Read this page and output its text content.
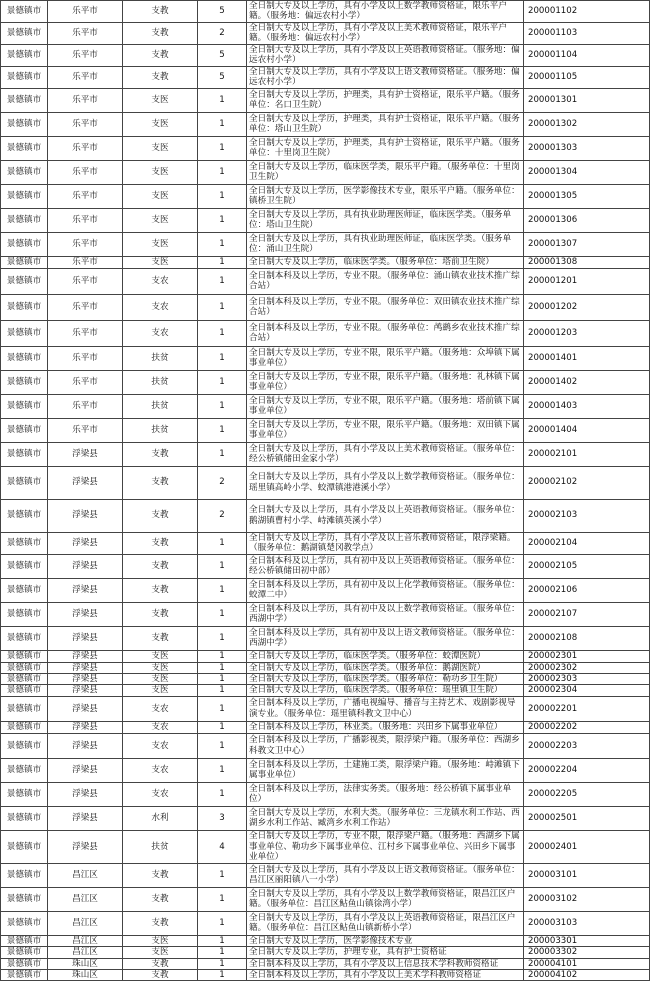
景德镇市	乐平市	支教	5	全日制大专及以上学历，具有小学及以上数学教师资格证，限乐平户籍。（服务地：偏远农村小学）	200001102
景德镇市	乐平市	支教	2	全日制大专及以上学历，具有小学及以上美术教师资格证，限乐平户籍。（服务地：偏远农村小学）	200001103
景德镇市	乐平市	支教	5	全日制大专及以上学历，具有小学及以上英语教师资格证。（服务地：偏远农村小学）	200001104
景德镇市	乐平市	支教	5	全日制大专及以上学历，具有小学及以上语文教师资格证。（服务地：偏远农村小学）	200001105
景德镇市	乐平市	支医	1	全日制大专及以上学历，护理类，具有护士资格证，限乐平户籍。（服务单位：名口卫生院）	200001301
景德镇市	乐平市	支医	1	全日制大专及以上学历，护理类，具有护士资格证，限乐平户籍。（服务单位：塔山卫生院）	200001302
景德镇市	乐平市	支医	1	全日制大专及以上学历，护理类，具有护士资格证，限乐平户籍。（服务单位：十里岗卫生院）	200001303
景德镇市	乐平市	支医	1	全日制大专及以上学历，临床医学类，限乐平户籍。（服务单位：十里岗卫生院）	200001304
景德镇市	乐平市	支医	1	全日制大专及以上学历，医学影像技术专业，限乐平户籍。（服务单位：镇桥卫生院）	200001305
景德镇市	乐平市	支医	1	全日制大专及以上学历，具有执业助理医师证，临床医学类。（服务单位：塔山卫生院）	200001306
景德镇市	乐平市	支医	1	全日制大专及以上学历，具有执业助理医师证，临床医学类。（服务单位：涌山卫生院）	200001307
景德镇市	乐平市	支医	1	全日制大专及以上学历，临床医学类。（服务单位：塔前卫生院）	200001308
景德镇市	乐平市	支农	1	全日制本科及以上学历，专业不限。（服务单位：涌山镇农业技术推广综合站）	200001201
景德镇市	乐平市	支农	1	全日制本科及以上学历，专业不限。（服务单位：双田镇农业技术推广综合站）	200001202
景德镇市	乐平市	支农	1	全日制本科及以上学历，专业不限。（服务单位：鸬鹚乡农业技术推广综合站）	200001203
景德镇市	乐平市	扶贫	1	全日制大专及以上学历，专业不限，限乐平户籍。（服务地：众埠镇下属事业单位）	200001401
景德镇市	乐平市	扶贫	1	全日制大专及以上学历，专业不限，限乐平户籍。（服务地：礼林镇下属事业单位）	200001402
景德镇市	乐平市	扶贫	1	全日制大专及以上学历，专业不限，限乐平户籍。（服务地：塔前镇下属事业单位）	200001403
景德镇市	乐平市	扶贫	1	全日制大专及以上学历，专业不限，限乐平户籍。（服务地：双田镇下属事业单位）	200001404
景德镇市	浮梁县	支教	1	全日制大专及以上学历，具有小学及以上美术教师资格证。（服务单位：经公桥镇储田金家小学）	200002101
景德镇市	浮梁县	支教	2	全日制大专及以上学历，具有小学及以上数学教师资格证。（服务单位：瑶里镇高岭小学、蛟潭镇港港溪小学）	200002102
景德镇市	浮梁县	支教	2	全日制大专及以上学历，具有小学及以上英语教师资格证。（服务单位：鹅湖镇曹村小学、峙滩镇英溪小学）	200002103
景德镇市	浮梁县	支教	1	全日制大专及以上学历，具有小学及以上音乐教师资格证，限浮梁籍。（服务单位：鹅湖镇楚冈教学点）	200002104
景德镇市	浮梁县	支教	1	全日制本科及以上学历，具有初中及以上英语教师资格证。（服务单位：经公桥镇储田初中部）	200002105
景德镇市	浮梁县	支教	1	全日制本科及以上学历，具有初中及以上化学教师资格证。（服务单位：蛟潭二中）	200002106
景德镇市	浮梁县	支教	1	全日制本科及以上学历，具有初中及以上数学教师资格证。（服务单位：西湖中学）	200002107
景德镇市	浮梁县	支教	1	全日制本科及以上学历，具有初中及以上语文教师资格证。（服务单位：西湖中学）	200002108
景德镇市	浮梁县	支医	1	全日制大专及以上学历，临床医学类。（服务单位：蛟潭医院）	200002301
景德镇市	浮梁县	支医	1	全日制大专及以上学历，临床医学类。（服务单位：鹅湖医院）	200002302
景德镇市	浮梁县	支医	1	全日制大专及以上学历，临床医学类。（服务单位：勒功乡卫生院）	200002303
景德镇市	浮梁县	支医	1	全日制大专及以上学历，临床医学类。（服务单位：瑶里镇卫生院）	200002304
景德镇市	浮梁县	支农	1	全日制本科及以上学历，广播电视编导、播音与主持艺术、戏剧影视导演专业。（服务单位：瑶里镇科教文卫中心）	200002201
景德镇市	浮梁县	支农	1	全日制本科及以上学历，林业类。（服务地：兴田乡下属事业单位）	200002202
景德镇市	浮梁县	支农	1	全日制本科及以上学历，广播影视类，限浮梁户籍。（服务单位：西湖乡科教文卫中心）	200002203
景德镇市	浮梁县	支农	1	全日制本科及以上学历，土建施工类，限浮梁户籍。（服务地：峙滩镇下属事业单位）	200002204
景德镇市	浮梁县	支农	1	全日制本科及以上学历，法律实务类。（服务地：经公桥镇下属事业单位）	200002205
景德镇市	浮梁县	水利	3	全日制大专及以上学历，水利大类。（服务单位：三龙镇水利工作站、西湖乡水利工作站、臧湾乡水利工作站）	200002501
景德镇市	浮梁县	扶贫	4	全日制大专及以上学历，专业不限，限浮梁户籍。（服务地：西湖乡下属事业单位、勒功乡下属事业单位、江村乡下属事业单位、兴田乡下属事业单位）	200002401
景德镇市	昌江区	支教	1	全日制大专及以上学历，具有小学及以上语文教师资格证。（服务单位：昌江区丽阳镇八一小学）	200003101
景德镇市	昌江区	支教	1	全日制大专及以上学历，具有小学及以上数学教师资格证，限昌江区户籍。（服务单位：昌江区鲇鱼山镇徐湾小学）	200003102
景德镇市	昌江区	支教	1	全日制大专及以上学历，具有小学及以上英语教师资格证，限昌江区户籍。（服务单位：昌江区鲇鱼山镇新桥小学）	200003103
景德镇市	昌江区	支医	1	全日制大专及以上学历，医学影像技术专业	200003301
景德镇市	昌江区	支医	1	全日制大专及以上学历，护理专业，具有护士资格证	200003302
景德镇市	珠山区	支教	1	全日制本科及以上学历，具有小学及以上信息技术学科教师资格证	200004101
景德镇市	珠山区	支教	1	全日制本科及以上学历，具有小学及以上美术学科教师资格证	200004102
